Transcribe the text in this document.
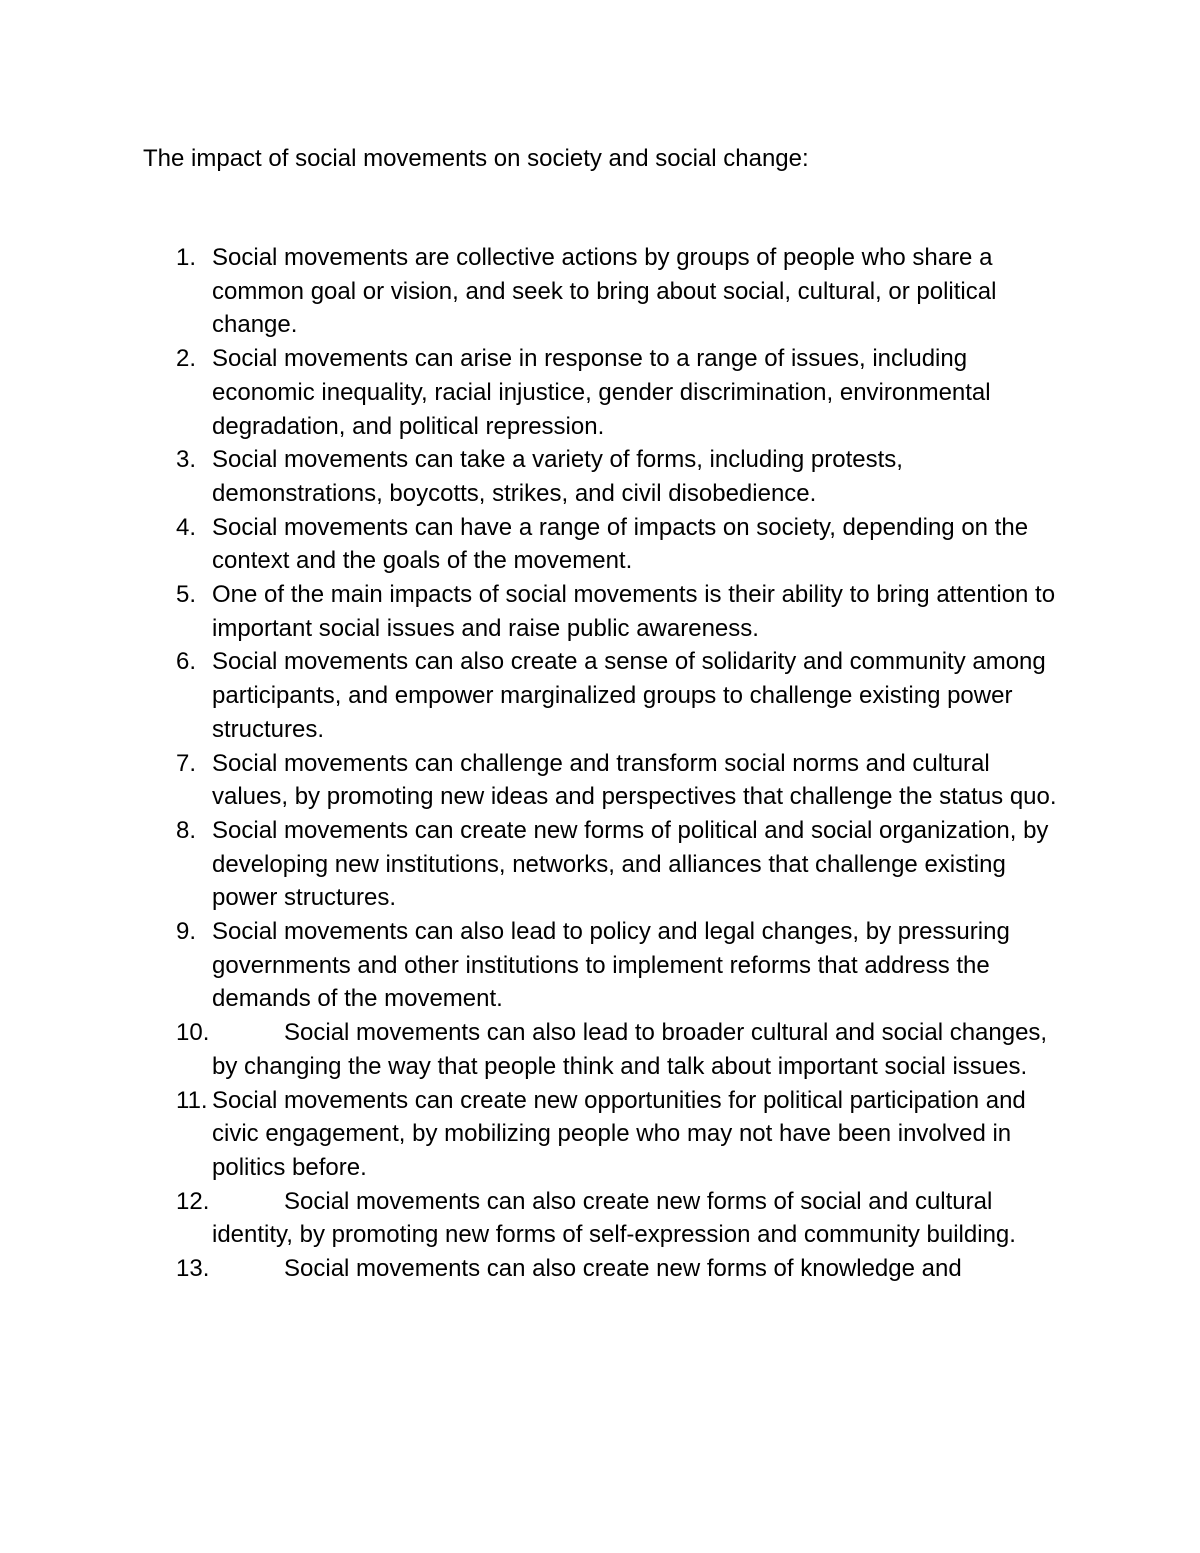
The impact of social movements on society and social change:
1. Social movements are collective actions by groups of people who share a common goal or vision, and seek to bring about social, cultural, or political change.
2. Social movements can arise in response to a range of issues, including economic inequality, racial injustice, gender discrimination, environmental degradation, and political repression.
3. Social movements can take a variety of forms, including protests, demonstrations, boycotts, strikes, and civil disobedience.
4. Social movements can have a range of impacts on society, depending on the context and the goals of the movement.
5. One of the main impacts of social movements is their ability to bring attention to important social issues and raise public awareness.
6. Social movements can also create a sense of solidarity and community among participants, and empower marginalized groups to challenge existing power structures.
7. Social movements can challenge and transform social norms and cultural values, by promoting new ideas and perspectives that challenge the status quo.
8. Social movements can create new forms of political and social organization, by developing new institutions, networks, and alliances that challenge existing power structures.
9. Social movements can also lead to policy and legal changes, by pressuring governments and other institutions to implement reforms that address the demands of the movement.
10.	Social movements can also lead to broader cultural and social changes, by changing the way that people think and talk about important social issues.
11. Social movements can create new opportunities for political participation and civic engagement, by mobilizing people who may not have been involved in politics before.
12.	Social movements can also create new forms of social and cultural identity, by promoting new forms of self-expression and community building.
13.	Social movements can also create new forms of knowledge and
